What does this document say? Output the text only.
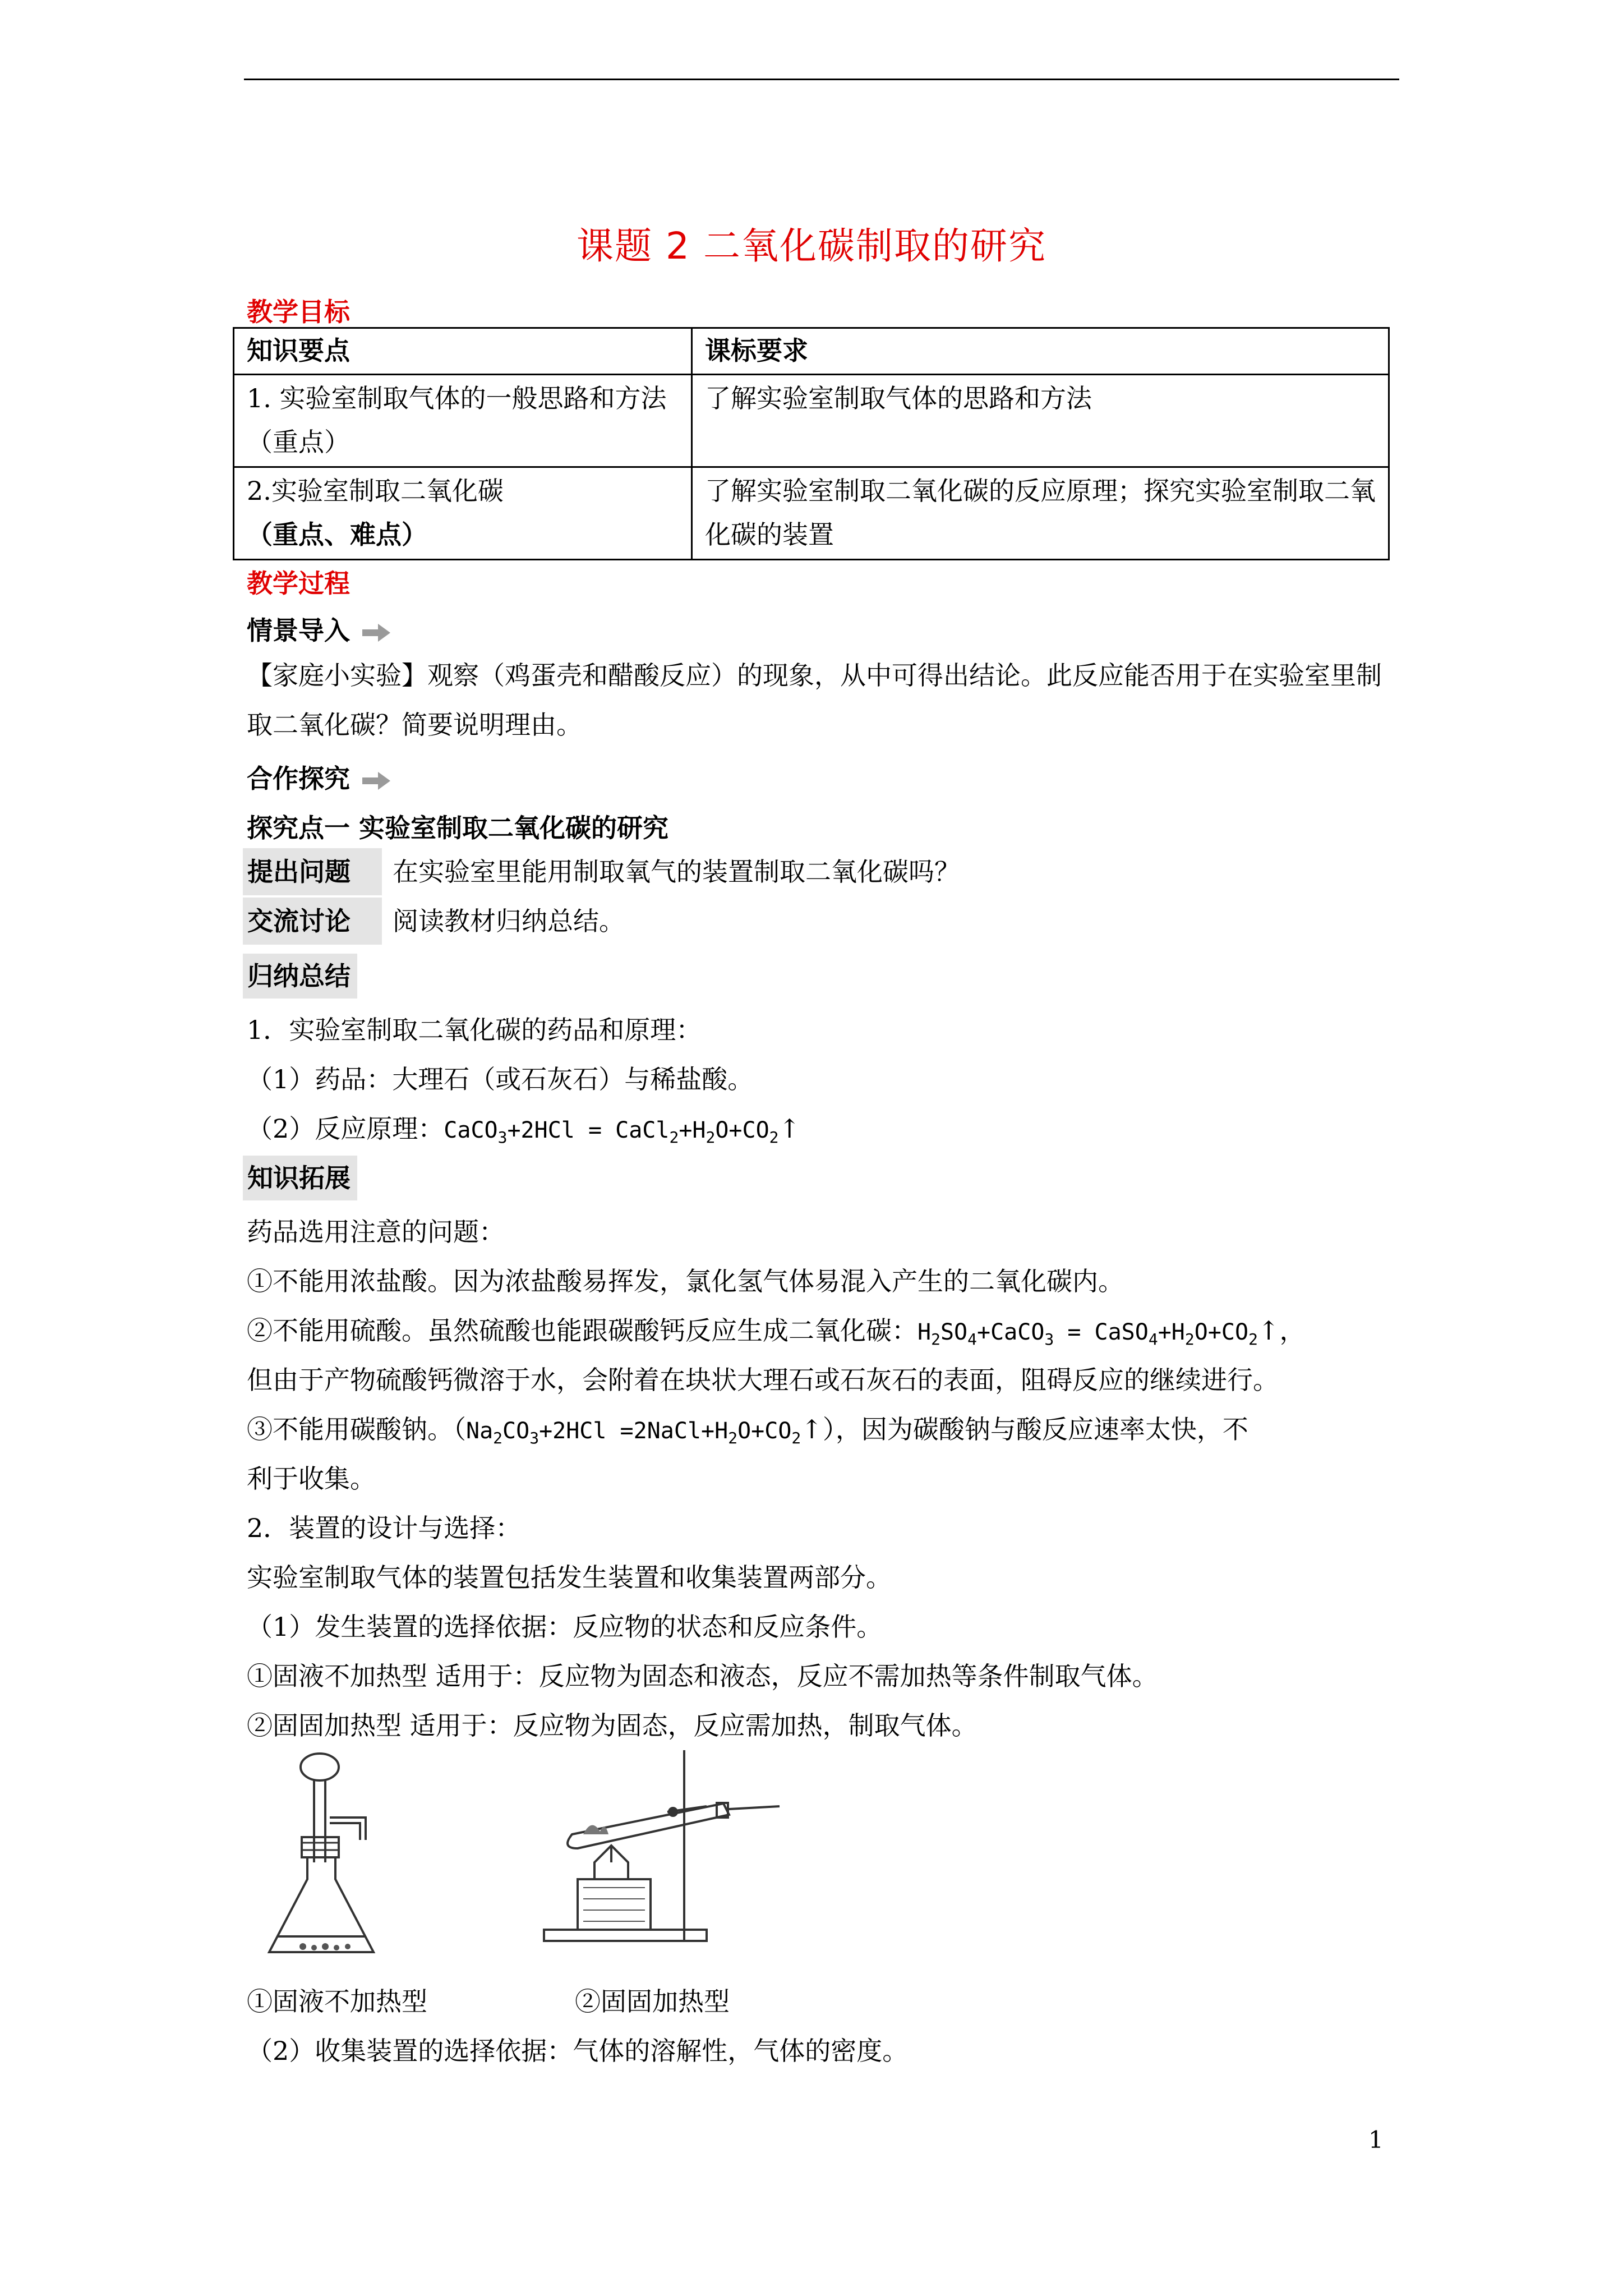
课题 2 二氧化碳制取的研究
教学目标
知识要点	课标要求
1. 实验室制取气体的一般思路和方法（重点）	了解实验室制取气体的思路和方法
2.实验室制取二氧化碳（重点、难点）	了解实验室制取二氧化碳的反应原理；探究实验室制取二氧化碳的装置
教学过程
情景导入
【家庭小实验】观察（鸡蛋壳和醋酸反应）的现象，从中可得出结论。此反应能否用于在实验室里制取二氧化碳？简要说明理由。
合作探究
探究点一 实验室制取二氧化碳的研究
提出问题	在实验室里能用制取氧气的装置制取二氧化碳吗？
交流讨论	阅读教材归纳总结。
归纳总结
1．实验室制取二氧化碳的药品和原理：
（1）药品：大理石（或石灰石）与稀盐酸。
（2）反应原理：CaCO$_3$+2HCl = $CaCl_2+H_2O+CO_2↑$
知识拓展
药品选用注意的问题：
①不能用浓盐酸。因为浓盐酸易挥发，氯化氢气体易混入产生的二氧化碳内。
②不能用硫酸。虽然硫酸也能跟碳酸钙反应生成二氧化碳：$H_2SO_4+CaCO_3$ = $CaSO_4+H_2O+CO_2↑$，
但由于产物硫酸钙微溶于水，会附着在块状大理石或石灰石的表面，阻碍反应的继续进行。
③不能用碳酸钠。（$Na_2CO_3+2HCl$ $=2NaCl+H_2O+CO_2↑$），因为碳酸钠与酸反应速率太快，不
利于收集。
2．装置的设计与选择：
实验室制取气体的装置包括发生装置和收集装置两部分。
（1）发生装置的选择依据：反应物的状态和反应条件。
①固液不加热型 适用于：反应物为固态和液态，反应不需加热等条件制取气体。
②固固加热型 适用于：反应物为固态，反应需加热，制取气体。
①固液不加热型	②固固加热型
（2）收集装置的选择依据：气体的溶解性，气体的密度。
1
